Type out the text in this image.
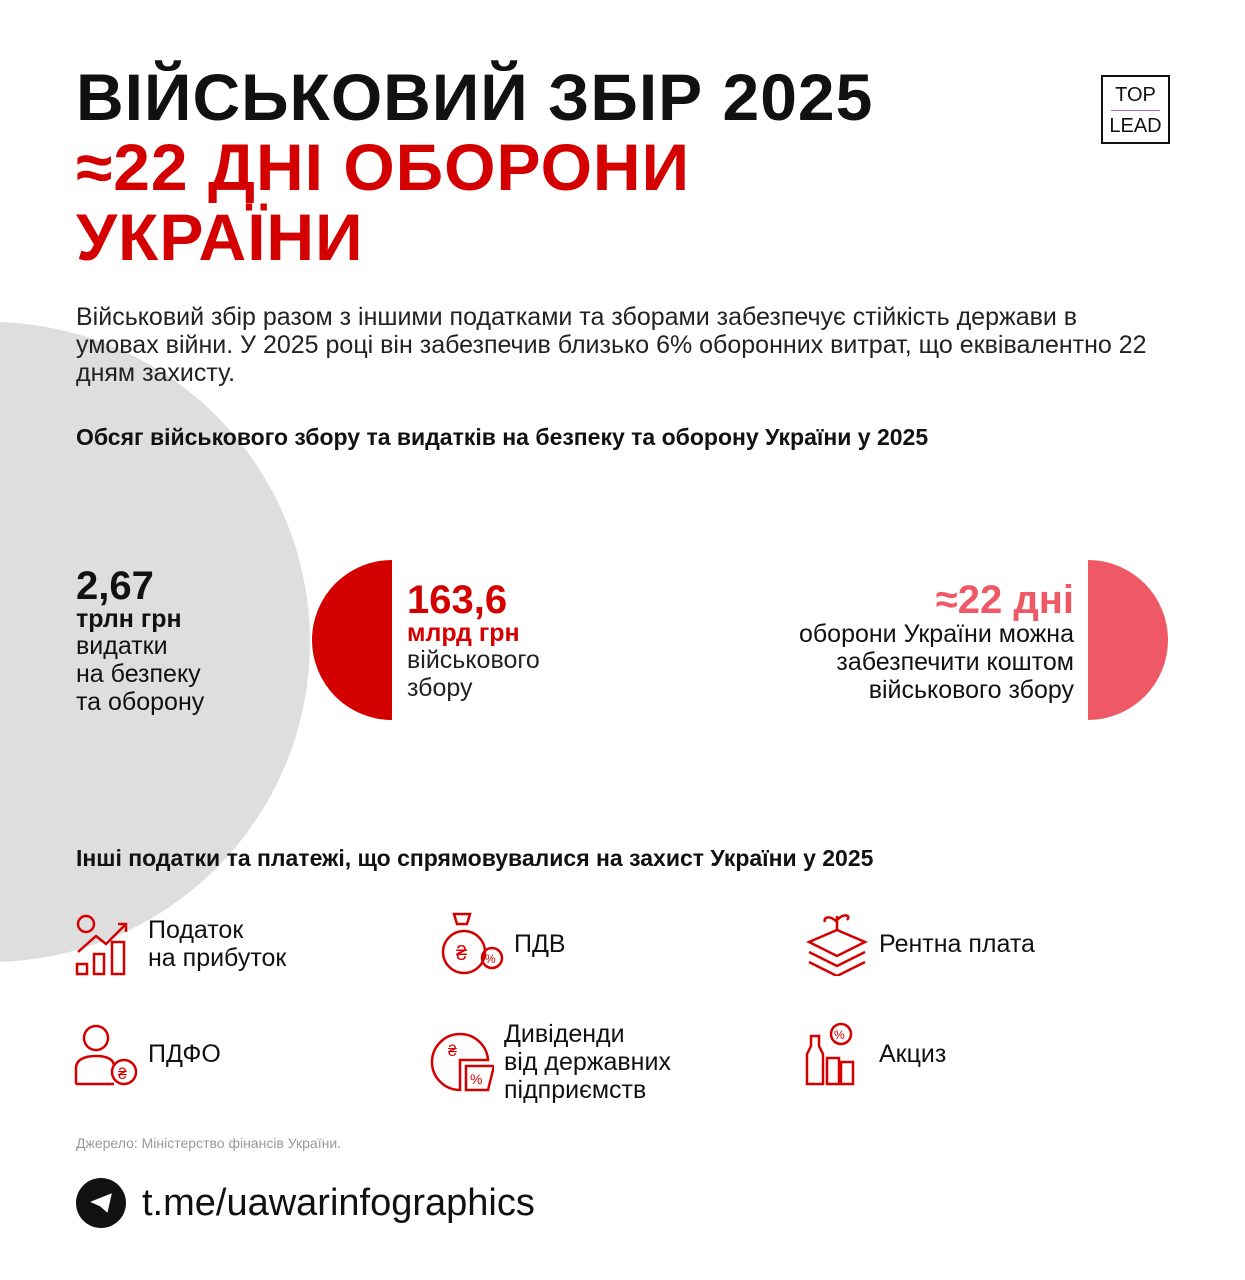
ВІЙСЬКОВИЙ ЗБІР 2025
≈22 ДНІ ОБОРОНИ
УКРАЇНИ
TOP
LEAD
Військовий збір разом з іншими податками та зборами забезпечує стійкість держави в умовах війни. У 2025 році він забезпечив близько 6% оборонних витрат, що еквівалентно 22 дням захисту.
Обсяг військового збору та видатків на безпеку та оборону України у 2025
2,67
трлн грн
видатки
на безпеку
та оборону
163,6
млрд грн
військового
збору
≈22 дні
оборони України можна
забезпечити коштом
військового збору
Інші податки та платежі, що спрямовувалися на захист України у 2025
Податок
на прибуток	₴ %
ПДВ	Рентна плата
₴
ПДФО	₴
%
Дивіденди
від державних
підприємств
%
Акциз
Джерело: Міністерство фінансів України.
t.me/uawarinfographics
